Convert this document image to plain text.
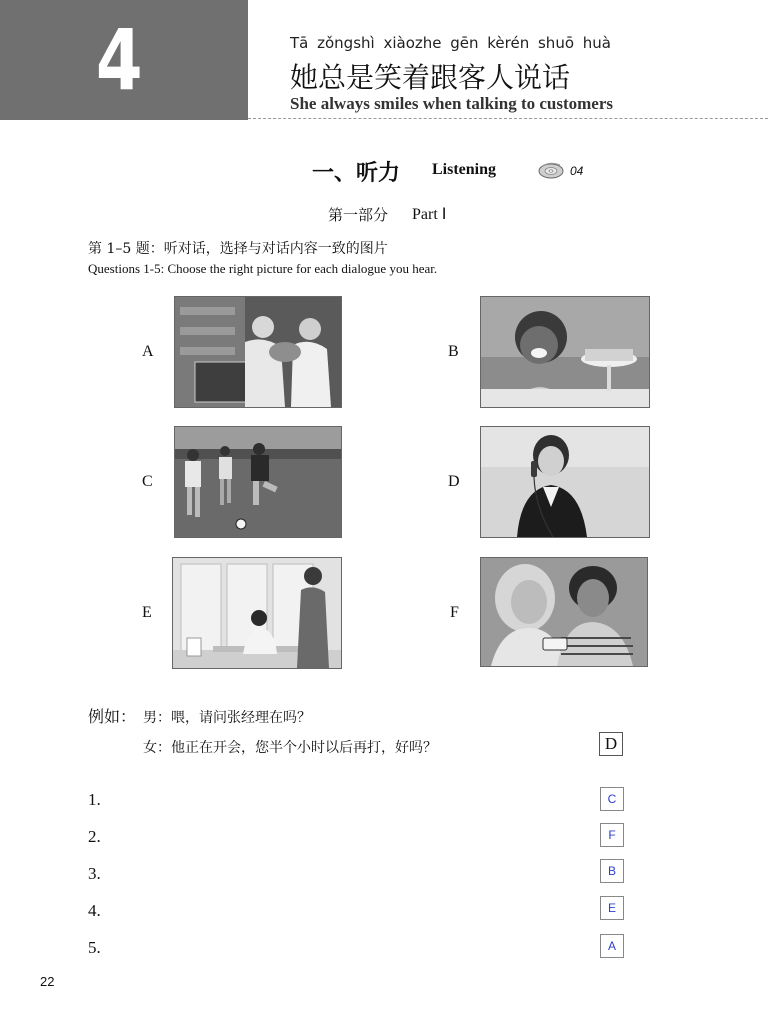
4	Tā zǒngshì xiàozhe gēn kèrén shuō huà
她总是笑着跟客人说话
She always smiles when talking to customers
一、听力 Listening	04
第一部分 Part Ⅰ
第 1–5 题：听对话，选择与对话内容一致的图片
Questions 1-5: Choose the right picture for each dialogue you hear.
A	B
C	D
E	F
例如： 男：喂，请问张经理在吗？
女：他正在开会，您半个小时以后再打，好吗？	D
1.	C
2.	F
3.	B
4.	E
5.	A
22
